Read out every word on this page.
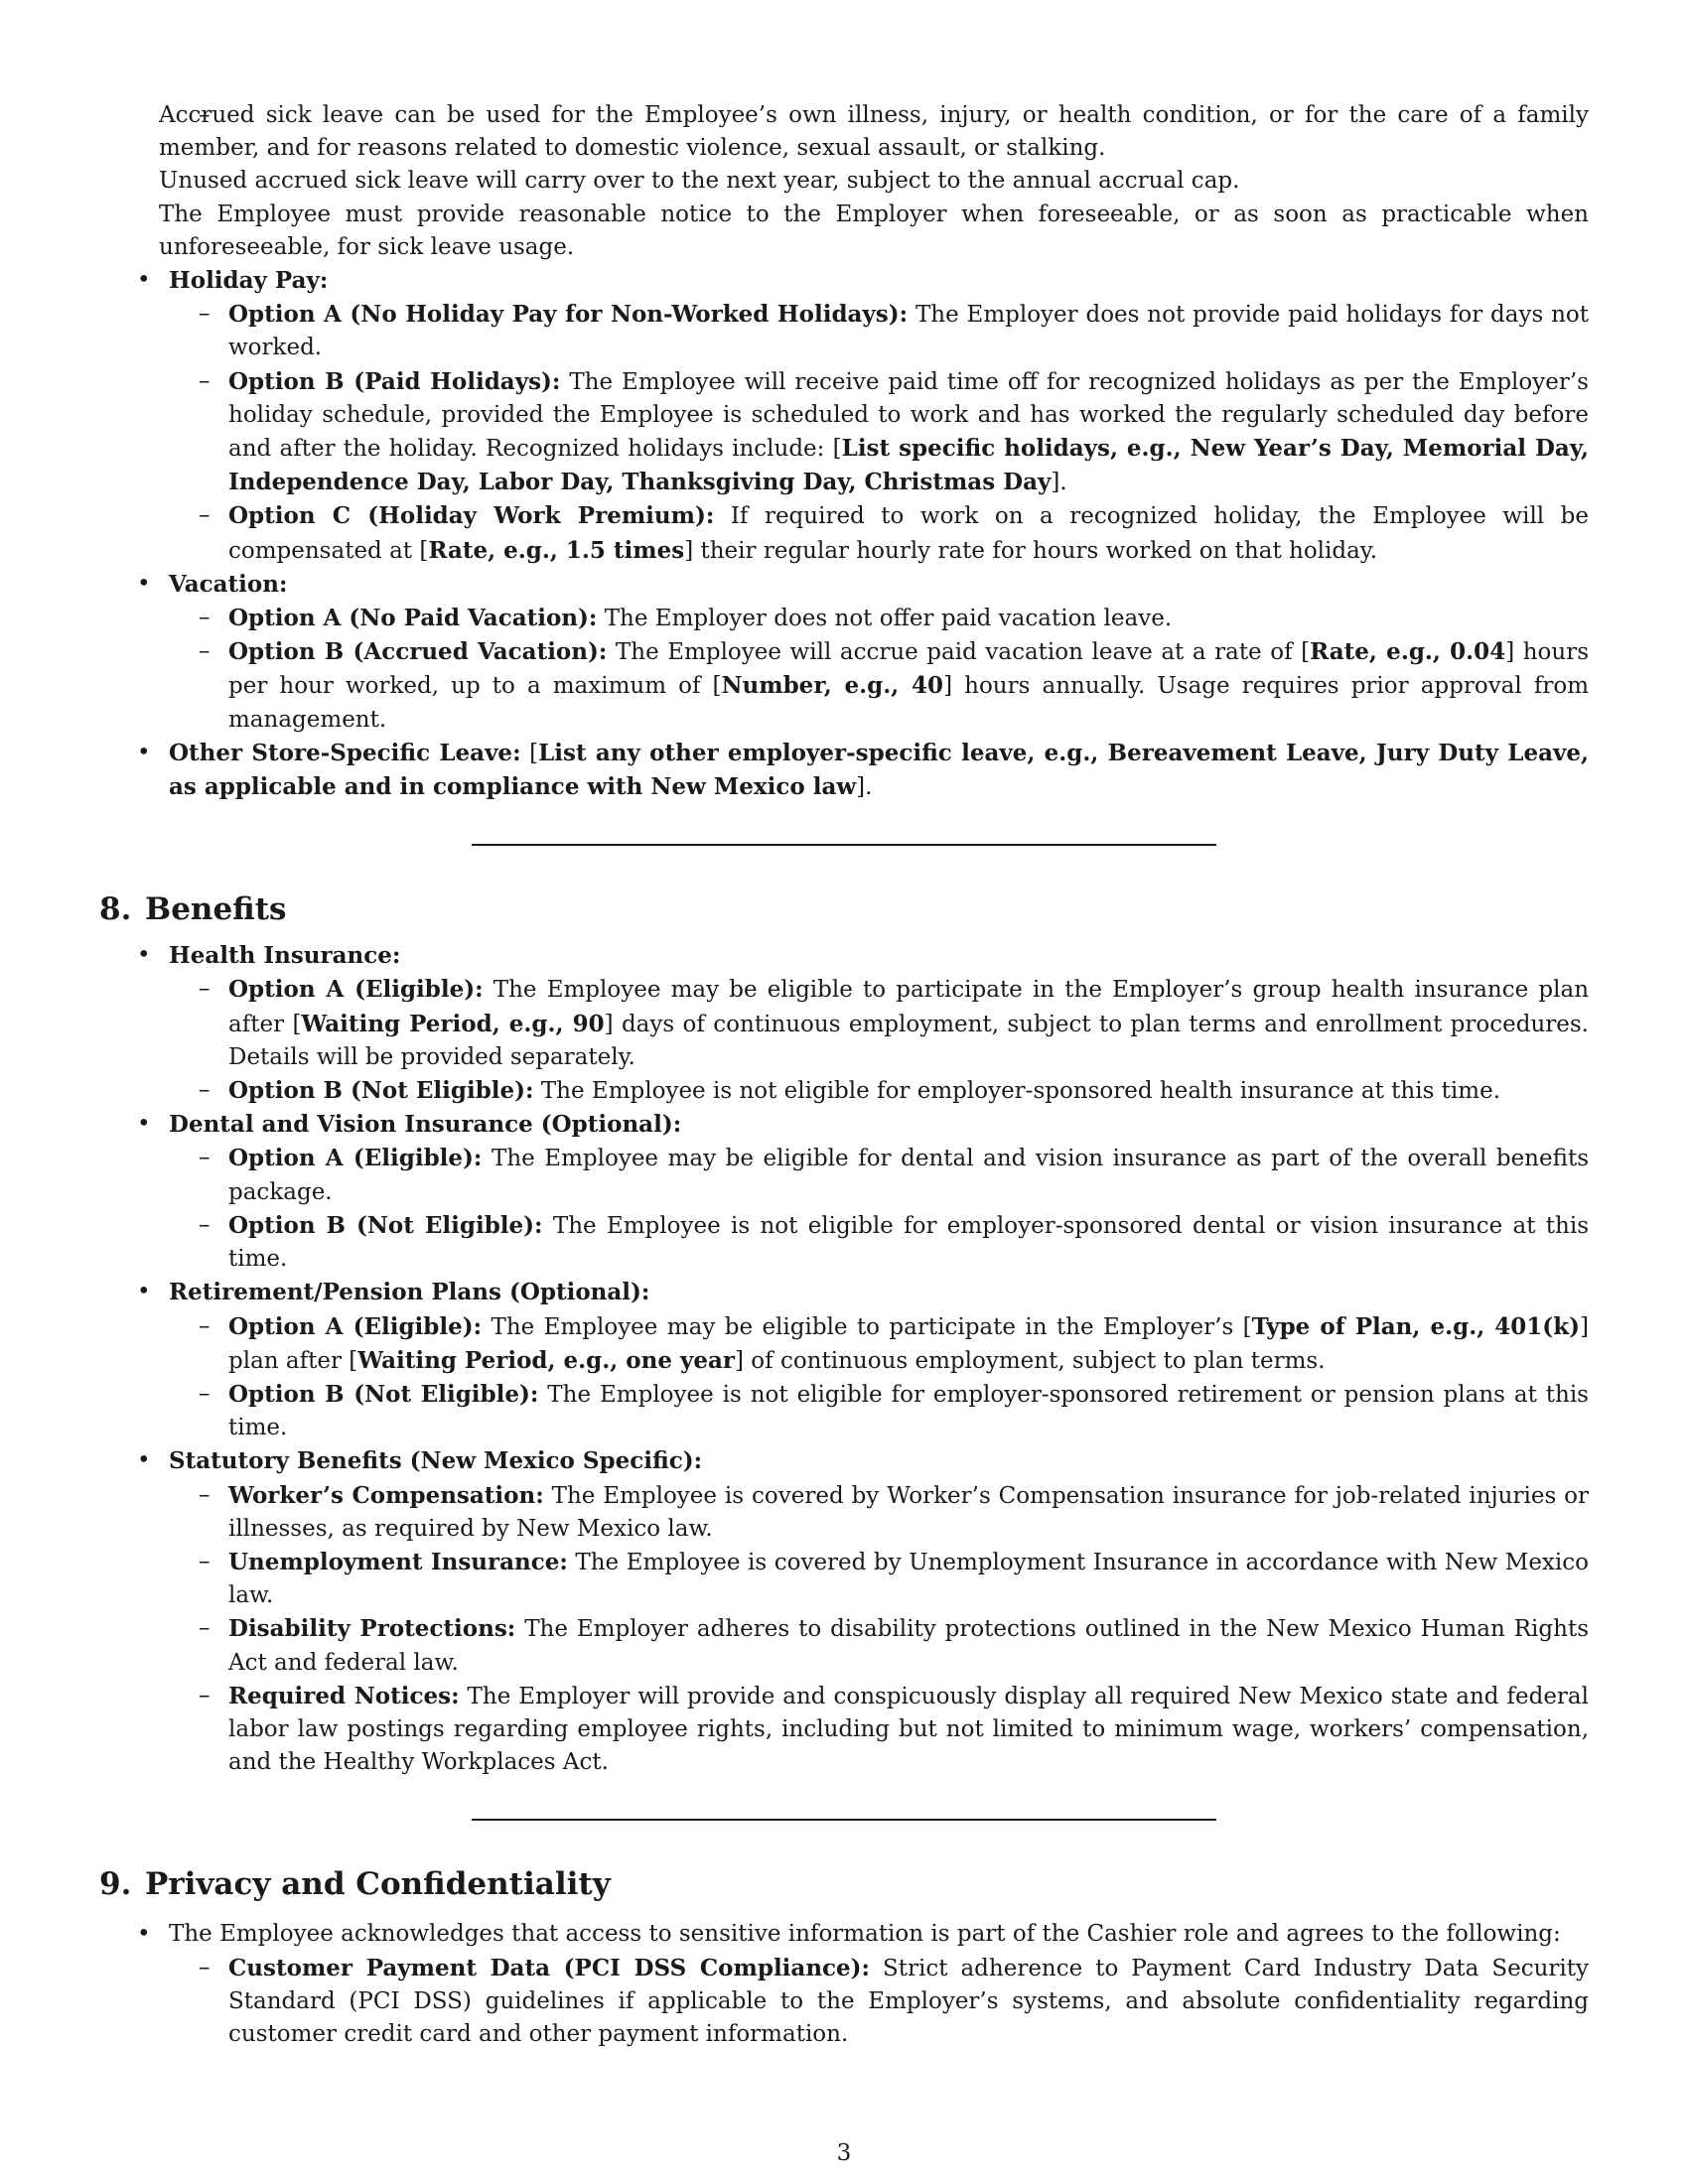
– Accrued sick leave can be used for the Employee’s own illness, injury, or health condition, or for the care of a family member, and for reasons related to domestic violence, sexual assault, or stalking.
– Unused accrued sick leave will carry over to the next year, subject to the annual accrual cap.
– The Employee must provide reasonable notice to the Employer when foreseeable, or as soon as practicable when unforeseeable, for sick leave usage.
• Holiday Pay:
– Option A (No Holiday Pay for Non-Worked Holidays): The Employer does not provide paid holidays for days not worked.
– Option B (Paid Holidays): The Employee will receive paid time off for recognized holidays as per the Employer’s holiday schedule, provided the Employee is scheduled to work and has worked the regularly scheduled day before and after the holiday. Recognized holidays include: [List specific holidays, e.g., New Year’s Day, Memorial Day, Independence Day, Labor Day, Thanksgiving Day, Christmas Day].
– Option C (Holiday Work Premium): If required to work on a recognized holiday, the Employee will be compensated at [Rate, e.g., 1.5 times] their regular hourly rate for hours worked on that holiday.
• Vacation:
– Option A (No Paid Vacation): The Employer does not offer paid vacation leave.
– Option B (Accrued Vacation): The Employee will accrue paid vacation leave at a rate of [Rate, e.g., 0.04] hours per hour worked, up to a maximum of [Number, e.g., 40] hours annually. Usage requires prior approval from management.
• Other Store-Specific Leave: [List any other employer-specific leave, e.g., Bereavement Leave, Jury Duty Leave, as applicable and in compliance with New Mexico law].
8. Benefits
• Health Insurance:
– Option A (Eligible): The Employee may be eligible to participate in the Employer’s group health insurance plan after [Waiting Period, e.g., 90] days of continuous employment, subject to plan terms and enrollment procedures. Details will be provided separately.
– Option B (Not Eligible): The Employee is not eligible for employer-sponsored health insurance at this time.
• Dental and Vision Insurance (Optional):
– Option A (Eligible): The Employee may be eligible for dental and vision insurance as part of the overall benefits package.
– Option B (Not Eligible): The Employee is not eligible for employer-sponsored dental or vision insurance at this time.
• Retirement/Pension Plans (Optional):
– Option A (Eligible): The Employee may be eligible to participate in the Employer’s [Type of Plan, e.g., 401(k)] plan after [Waiting Period, e.g., one year] of continuous employment, subject to plan terms.
– Option B (Not Eligible): The Employee is not eligible for employer-sponsored retirement or pension plans at this time.
• Statutory Benefits (New Mexico Specific):
– Worker’s Compensation: The Employee is covered by Worker’s Compensation insurance for job-related injuries or illnesses, as required by New Mexico law.
– Unemployment Insurance: The Employee is covered by Unemployment Insurance in accordance with New Mexico law.
– Disability Protections: The Employer adheres to disability protections outlined in the New Mexico Human Rights Act and federal law.
– Required Notices: The Employer will provide and conspicuously display all required New Mexico state and federal labor law postings regarding employee rights, including but not limited to minimum wage, workers’ compensation, and the Healthy Workplaces Act.
9. Privacy and Confidentiality
• The Employee acknowledges that access to sensitive information is part of the Cashier role and agrees to the following:
– Customer Payment Data (PCI DSS Compliance): Strict adherence to Payment Card Industry Data Security Standard (PCI DSS) guidelines if applicable to the Employer’s systems, and absolute confidentiality regarding customer credit card and other payment information.
3
